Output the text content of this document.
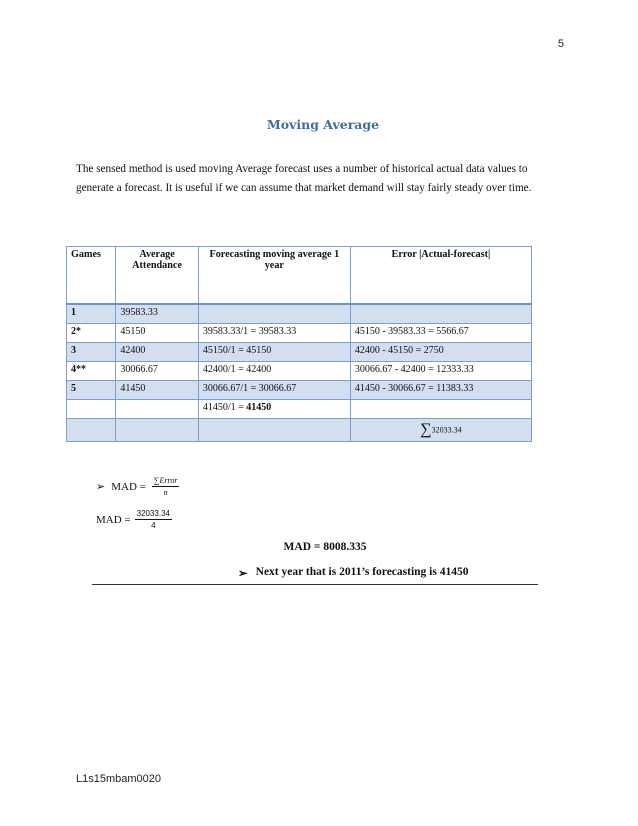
5
Moving Average
The sensed method is used moving Average forecast uses a number of historical actual data values to generate a forecast. It is useful if we can assume that market demand will stay fairly steady over time.
Games	Average Attendance	Forecasting moving average 1 year	Error |Actual-forecast|
1	39583.33		
2*	45150	39583.33/1 = 39583.33	45150 - 39583.33 = 5566.67
3	42400	45150/1 = 45150	42400 - 45150 = 2750
4**	30066.67	42400/1 = 42400	30066.67 - 42400 = 12333.33
5	41450	30066.67/1 = 30066.67	41450 - 30066.67 = 11383.33
		41450/1 = 41450	
			∑32033.34
➢ MAD = $\frac{\text{∑Error}}{n}$
MAD = $\frac{32033.34}{4}$
MAD = 8008.335
➢ Next year that is 2011’s forecasting is 41450
L1s15mbam0020
